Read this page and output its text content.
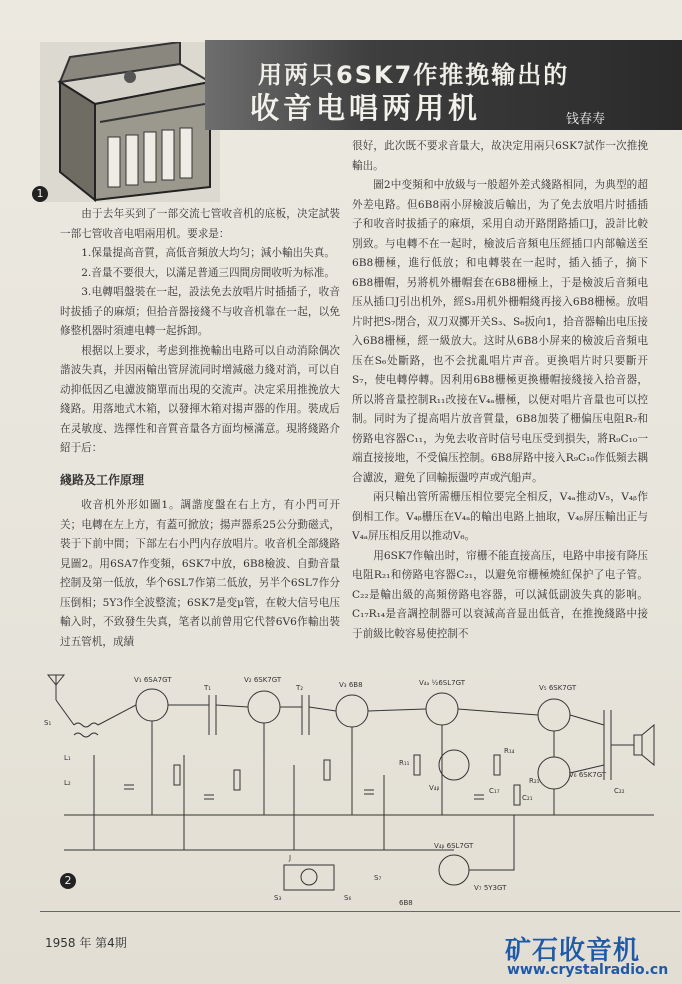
用两只6SK7作推挽输出的
收音电唱两用机	钱春寿
1

由于去年买到了一部交流七管收音机的底板，决定試裝一部七管收音电唱兩用机。要求是：

1.保量提高音質，高低音頻放大均匀；減小輸出失真。

2.音量不要很大，以滿足普通三四間房間收听为标准。

3.电轉唱盤裝在一起，設法免去放唱片时插插子，收音时拔插子的麻煩；但拾音器接綫不与收音机靠在一起，以免修整机器时須連电轉一起拆卸。

根据以上要求，考虑到推挽輸出电路可以自动消除偶次諧波失真，并因兩輸出管屏流同时增減磁力綫对消，可以自动抑低因乙电濾波簡單而出現的交流声。决定采用推挽放大綫路。用落地式木箱，以發揮木箱对揚声器的作用。裝成后在灵敏度、选擇性和音質音量各方面均極滿意。現將綫路介紹于后：

綫路及工作原理

收音机外形如圖1。調諧度盤在右上方，有小門可开关；电轉在左上方，有蓋可掀放；揚声器系25公分動磁式，裝于下前中間；下部左右小門内存放唱片。收音机全部綫路見圖2。用6SA7作变頻，6SK7中放，6B8檢波、自動音量控制及第一低放，华个6SL7作第二低放，另半个6SL7作分压倒相；5Y3作全波整流；6SK7是变μ管，在較大信号电压輸入时，不致發生失真，笔者以前曾用它代替6V6作輸出裝过五管机，成績

很好，此次既不要求音量大，故决定用兩只6SK7試作一次推挽輸出。

圖2中变頻和中放級与一般超外差式綫路相同，为典型的超外差电路。但6B8兩小屏檢波后輸出，为了免去放唱片时插插子和收音时拔插子的麻煩，采用自动开路閉路插口J，設計比較別致。与电轉不在一起时，檢波后音頻电压經插口内部輸送至6B8栅極，進行低放；和电轉裝在一起时，插入插子，摘下6B8栅帽，另將机外栅帽套在6B8栅極上，于是檢波后音頻电压从插口J引出机外，經S₃用机外栅帽綫再接入6B8栅極。放唱片时把S₇閉合，双刀双擲开关S₃、S₆扳向1，拾音器輸出电压接入6B8栅極，經一級放大。这时从6B8小屏来的檢波后音頻电压在S₆处斷路，也不会扰亂唱片声音。更換唱片时只要斷开S₇，使电轉停轉。因利用6B8栅極更換栅帽接綫接入拾音器，所以將音量控制R₁₁改接在V₄ₐ栅極，以便对唱片音量也可以控制。同时为了提高唱片放音質量，6B8加裝了栅偏压电阻R₇和傍路电容器C₁₁，为免去收音时信号电压受到損失，將R₉C₁₀一端直接接地，不受偏压控制。6B8屏路中接入R₉C₁₀作低頻去耦合濾波，避免了回輸振盪哼声或汽船声。

兩只輸出管所需栅压相位要完全相反，V₄ₐ推动V₅，V₄ᵦ作倒相工作。V₄ᵦ栅压在V₄ₐ的輸出电路上抽取，V₄ᵦ屏压輸出正与V₄ₐ屏压相反用以推动V₆。

用6SK7作輸出时，帘栅不能直接高压，电路中串接有降压电阻R₂₁和傍路电容器C₂₁，以避免帘栅極燒紅保护了电子管。C₂₂是輸出級的高頻傍路电容器，可以減低副波失真的影响。C₁₇R₁₄是音調控制器可以衰減高音显出低音，在推挽綫路中接于前級比較容易使控制不

V₁ 6SA7GT	V₂ 6SK7GT
V₃ 6B8	V₄ₐ ½6SL7GT
V₄ᵦ
V₅ 6SK7GT
V₆ 6SK7GT
V₇ 5Y3GT
V₄ᵦ 6SL7GT
J
S₁
S₃	S₆
S₇
R₁₁
C₁₇
R₁₄
C₂₁
R₂₁
C₂₂
L₁
L₂
T₁	T₂
6B8
2
1958 年 第4期	矿石收音机
www.crystalradio.cn
